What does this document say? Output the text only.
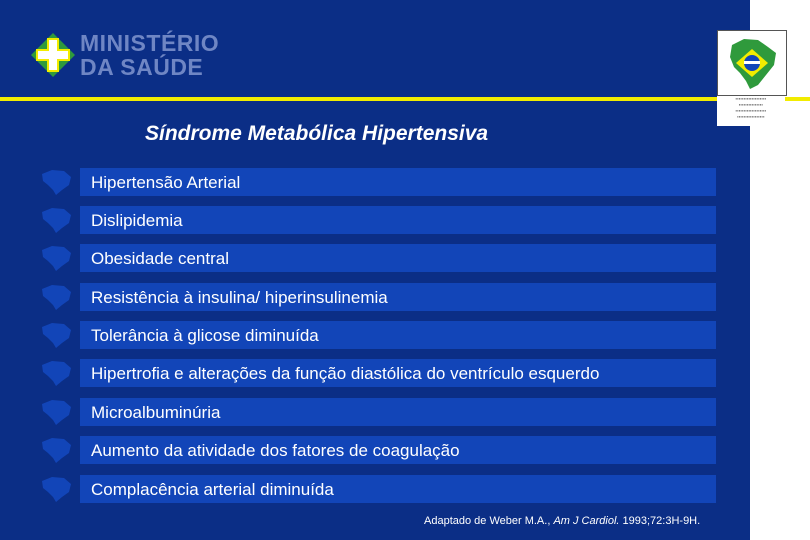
MINISTÉRIO
DA SAÚDE
▪▪▪▪▪▪▪▪▪▪▪▪▪▪▪▪▪▪▪
▪▪▪▪▪▪▪▪▪▪▪▪▪▪▪
▪▪▪▪▪▪▪▪▪▪▪▪▪▪▪▪▪▪▪
▪▪▪▪▪▪▪▪▪▪▪▪▪▪▪▪▪
Síndrome Metabólica Hipertensiva
Hipertensão Arterial
Dislipidemia
Obesidade central
Resistência à insulina/ hiperinsulinemia
Tolerância à glicose diminuída
Hipertrofia e alterações da função diastólica do ventrículo esquerdo
Microalbuminúria
Aumento da atividade dos fatores de coagulação
Complacência arterial diminuída
Adaptado de Weber M.A., Am J Cardiol. 1993;72:3H-9H.
